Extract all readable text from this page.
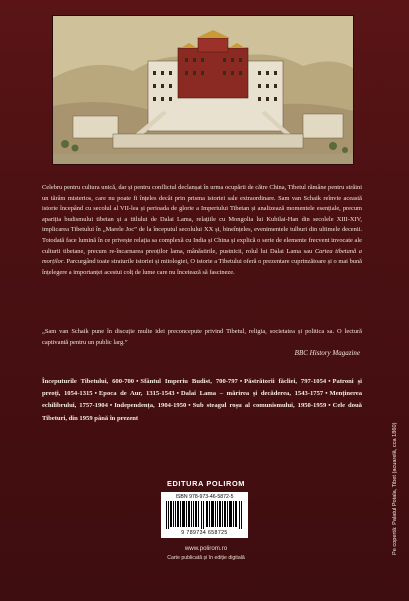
Celebru pentru cultura unică, dar și pentru conflictul declanșat în urma ocupării de către China, Tibetul rămâne pentru străini un tărâm misterios, care nu poate fi înțeles decât prin prisma istoriei sale extraordinare. Sam van Schaik reînvie această istorie începând cu secolul al VII-lea și perioada de glorie a Imperiului Tibetan și analizează momentele esențiale, precum apariția budismului tibetan și a titlului de Dalai Lama, relațiile cu Mongolia lui Kubilai-Han din secolele XIII-XIV, implicarea Tibetului în „Marele Joc” de la începutul secolului XX și, bineînțeles, evenimentele tulburi din ultimele decenii. Totodată face lumină în ce privește relația sa complexă cu India și China și explică o serie de elemente frecvent invocate ale culturii tibetane, precum re-încarnarea preoților lama, mânăstirile, pustnicii, rolul lui Dalai Lama sau Cartea tibetană a morților. Parcurgând toate straturile istoriei și mitologiei, O istorie a Tibetului oferă o prezentare cuprinzătoare și o mai bună înțelegere a importanței acestui colț de lume care nu încetează să fascineze.

„Sam van Schaik pune în discuție multe idei preconcepute privind Tibetul, religia, societatea și politica sa. O lectură captivantă pentru un public larg.”

BBC History Magazine
Începuturile Tibetului, 600-700 • Sfântul Imperiu Budist, 700-797 • Păstrătorii făcliei, 797-1054 • Patroni și preoți, 1054-1315 • Epoca de Aur, 1315-1543 • Dalai Lama – mărirea și decăderea, 1543-1757 • Menținerea echilibrului, 1757-1904 • Independența, 1904-1950 • Sub steagul roșu al comunismului, 1950-1959 • Cele două Tibeturi, din 1959 până în prezent
Pe copertă: Palatul Potala, Tibet (acuarelă, cca 1860)
EDITURA POLIROM
ISBN 978-973-46-5872-5
9 789734 658725
www.polirom.ro
Carte publicată și în ediție digitală
